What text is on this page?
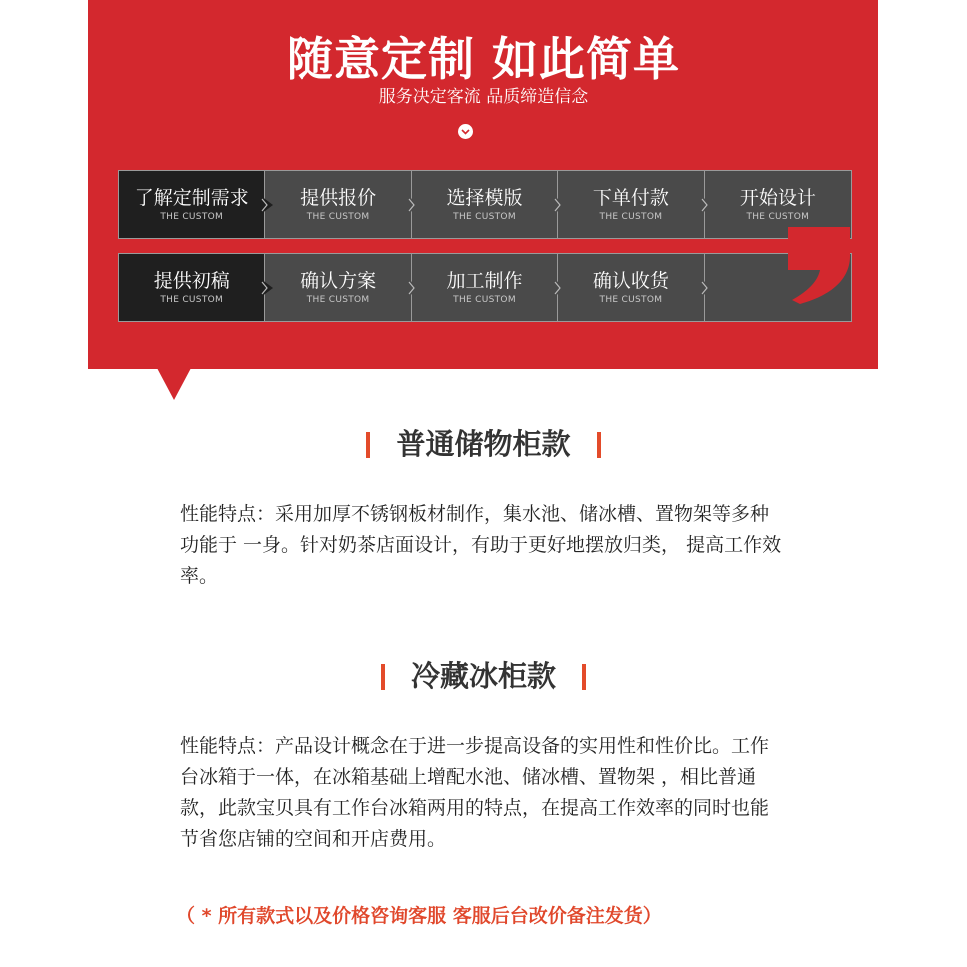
随意定制 如此简单
服务决定客流 品质缔造信念
了解定制需求
THE CUSTOM
提供报价
THE CUSTOM
选择模版
THE CUSTOM
下单付款
THE CUSTOM
开始设计
THE CUSTOM
提供初稿
THE CUSTOM
确认方案
THE CUSTOM
加工制作
THE CUSTOM
确认收货
THE CUSTOM
普通储物柜款

性能特点：采用加厚不锈钢板材制作，集水池、储冰槽、置物架等多种
功能于 一身。针对奶茶店面设计，有助于更好地摆放归类， 提高工作效
率。

冷藏冰柜款

性能特点：产品设计概念在于进一步提高设备的实用性和性价比。工作
台冰箱于一体，在冰箱基础上增配水池、储冰槽、置物架 ，相比普通
款，此款宝贝具有工作台冰箱两用的特点，在提高工作效率的同时也能
节省您店铺的空间和开店费用。

（ * 所有款式以及价格咨询客服 客服后台改价备注发货）
